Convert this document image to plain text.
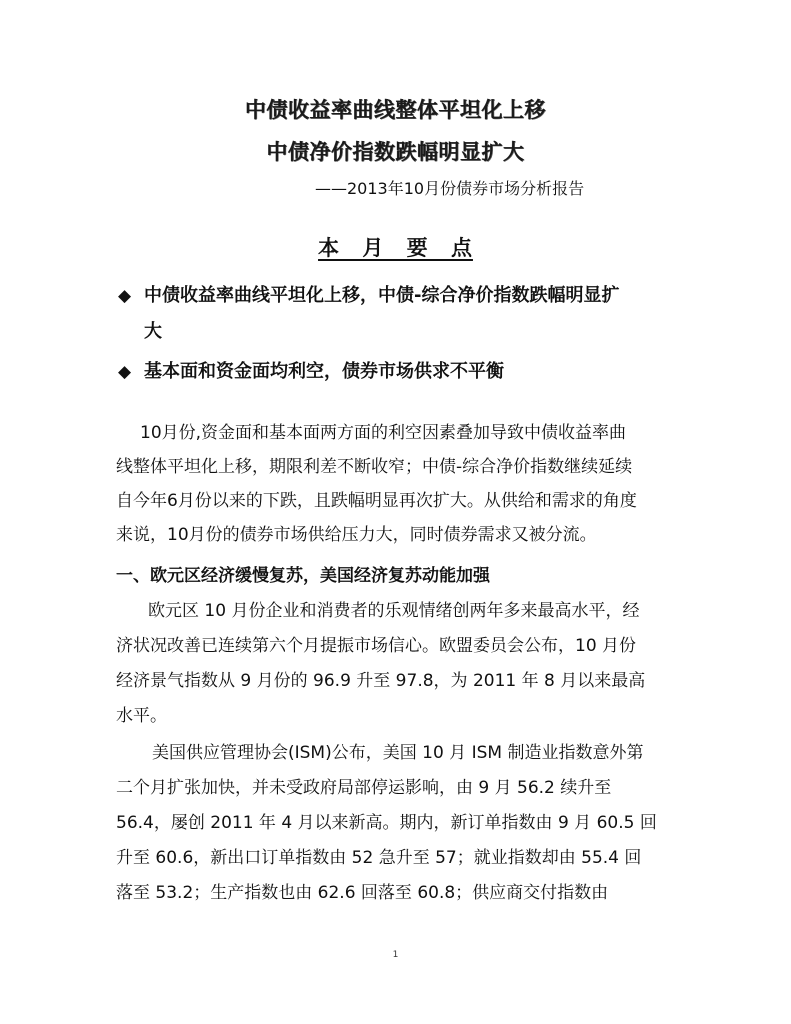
中债收益率曲线整体平坦化上移
中债净价指数跌幅明显扩大
——2013年10月份债券市场分析报告
本 月 要 点
◆ 中债收益率曲线平坦化上移，中债-综合净价指数跌幅明显扩
大
◆ 基本面和资金面均利空，债券市场供求不平衡
10月份,资金面和基本面两方面的利空因素叠加导致中债收益率曲
线整体平坦化上移，期限利差不断收窄；中债-综合净价指数继续延续
自今年6月份以来的下跌，且跌幅明显再次扩大。从供给和需求的角度
来说，10月份的债券市场供给压力大，同时债券需求又被分流。
一、欧元区经济缓慢复苏，美国经济复苏动能加强
欧元区 10 月份企业和消费者的乐观情绪创两年多来最高水平，经
济状况改善已连续第六个月提振市场信心。欧盟委员会公布，10 月份
经济景气指数从 9 月份的 96.9 升至 97.8，为 2011 年 8 月以来最高
水平。
美国供应管理协会(ISM)公布，美国 10 月 ISM 制造业指数意外第
二个月扩张加快，并未受政府局部停运影响，由 9 月 56.2 续升至
56.4，屡创 2011 年 4 月以来新高。期内，新订单指数由 9 月 60.5 回
升至 60.6，新出口订单指数由 52 急升至 57；就业指数却由 55.4 回
落至 53.2；生产指数也由 62.6 回落至 60.8；供应商交付指数由
1
